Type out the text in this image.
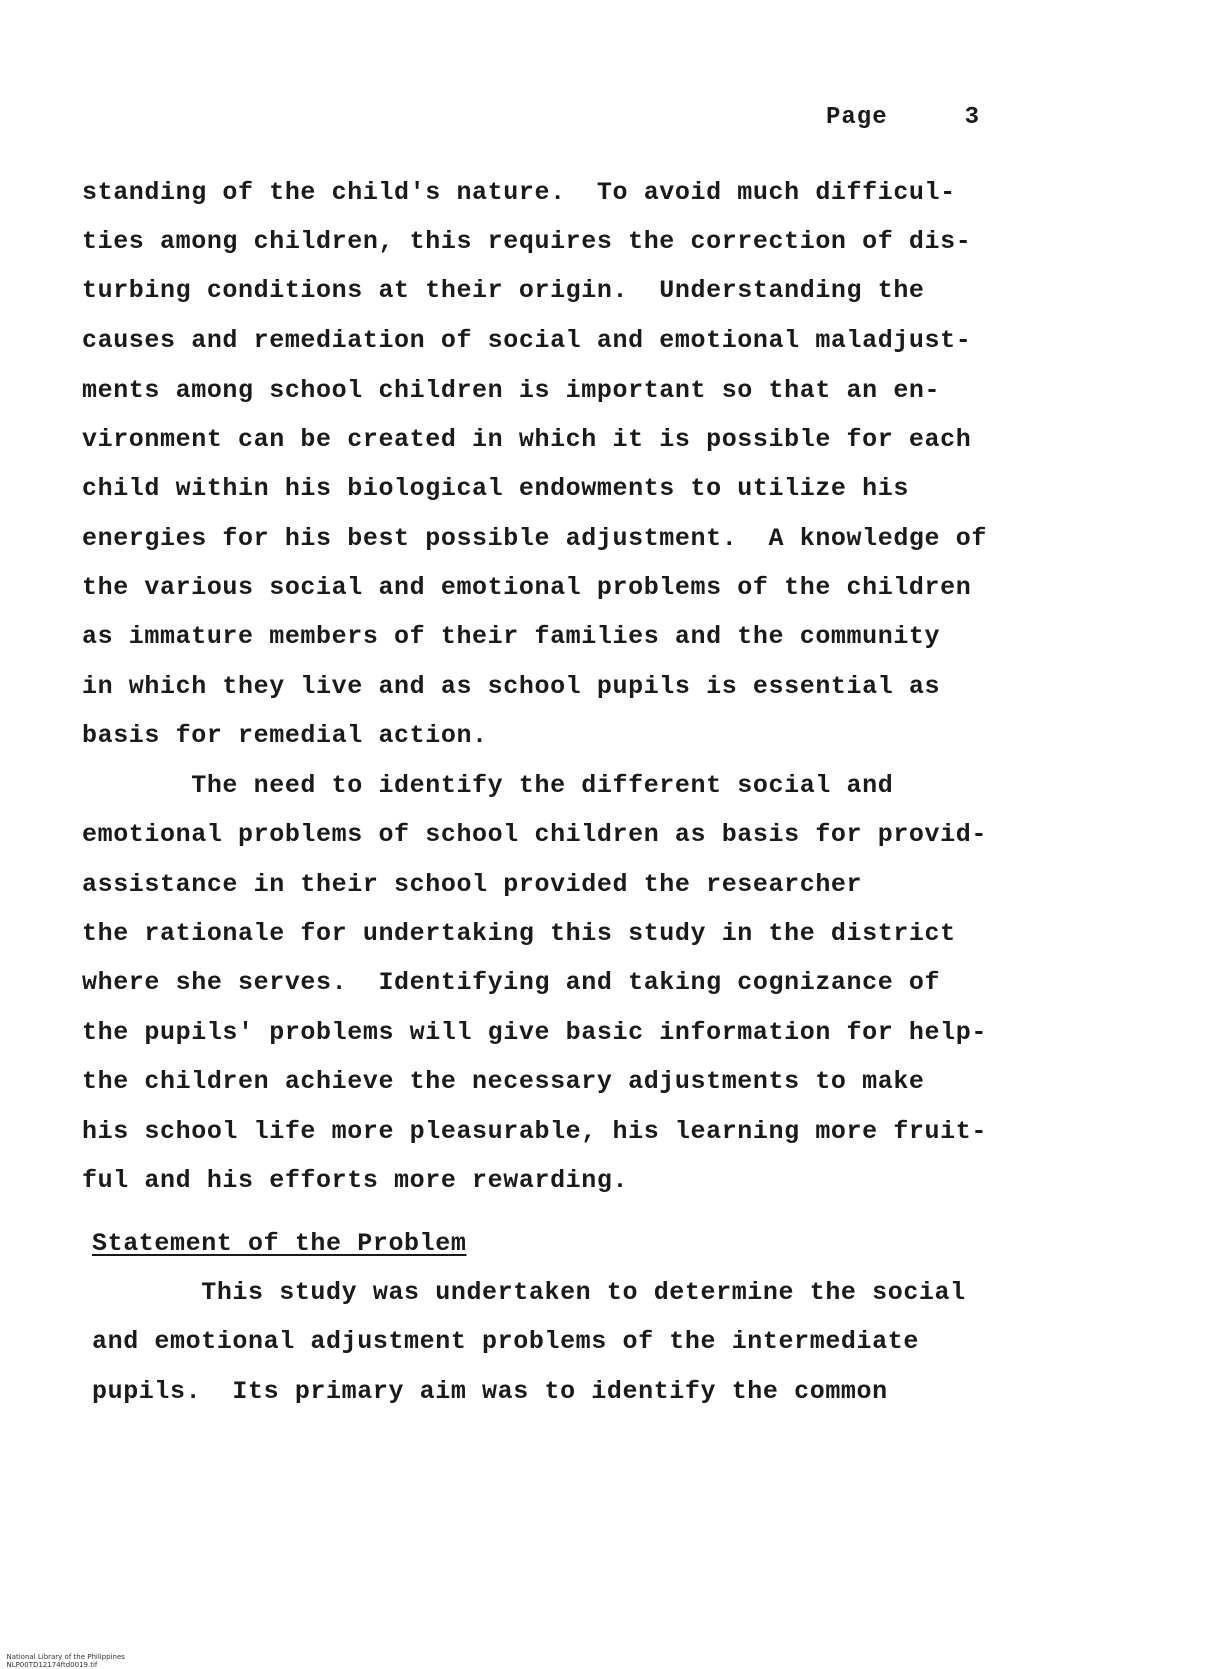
Page     3
standing of the child's nature.  To avoid much difficul-
ties among children, this requires the correction of dis-
turbing conditions at their origin.  Understanding the
causes and remediation of social and emotional maladjust-
ments among school children is important so that an en-
vironment can be created in which it is possible for each
child within his biological endowments to utilize his
energies for his best possible adjustment.  A knowledge of
the various social and emotional problems of the children
as immature members of their families and the community
in which they live and as school pupils is essential as
basis for remedial action.
The need to identify the different social and
emotional problems of school children as basis for provid-
assistance in their school provided the researcher
the rationale for undertaking this study in the district
where she serves.  Identifying and taking cognizance of
the pupils' problems will give basic information for help-
the children achieve the necessary adjustments to make
his school life more pleasurable, his learning more fruit-
ful and his efforts more rewarding.
Statement of the Problem
This study was undertaken to determine the social
and emotional adjustment problems of the intermediate
pupils.  Its primary aim was to identify the common

National Library of the Philippines
NLP00TD12174ftd0019.tif
